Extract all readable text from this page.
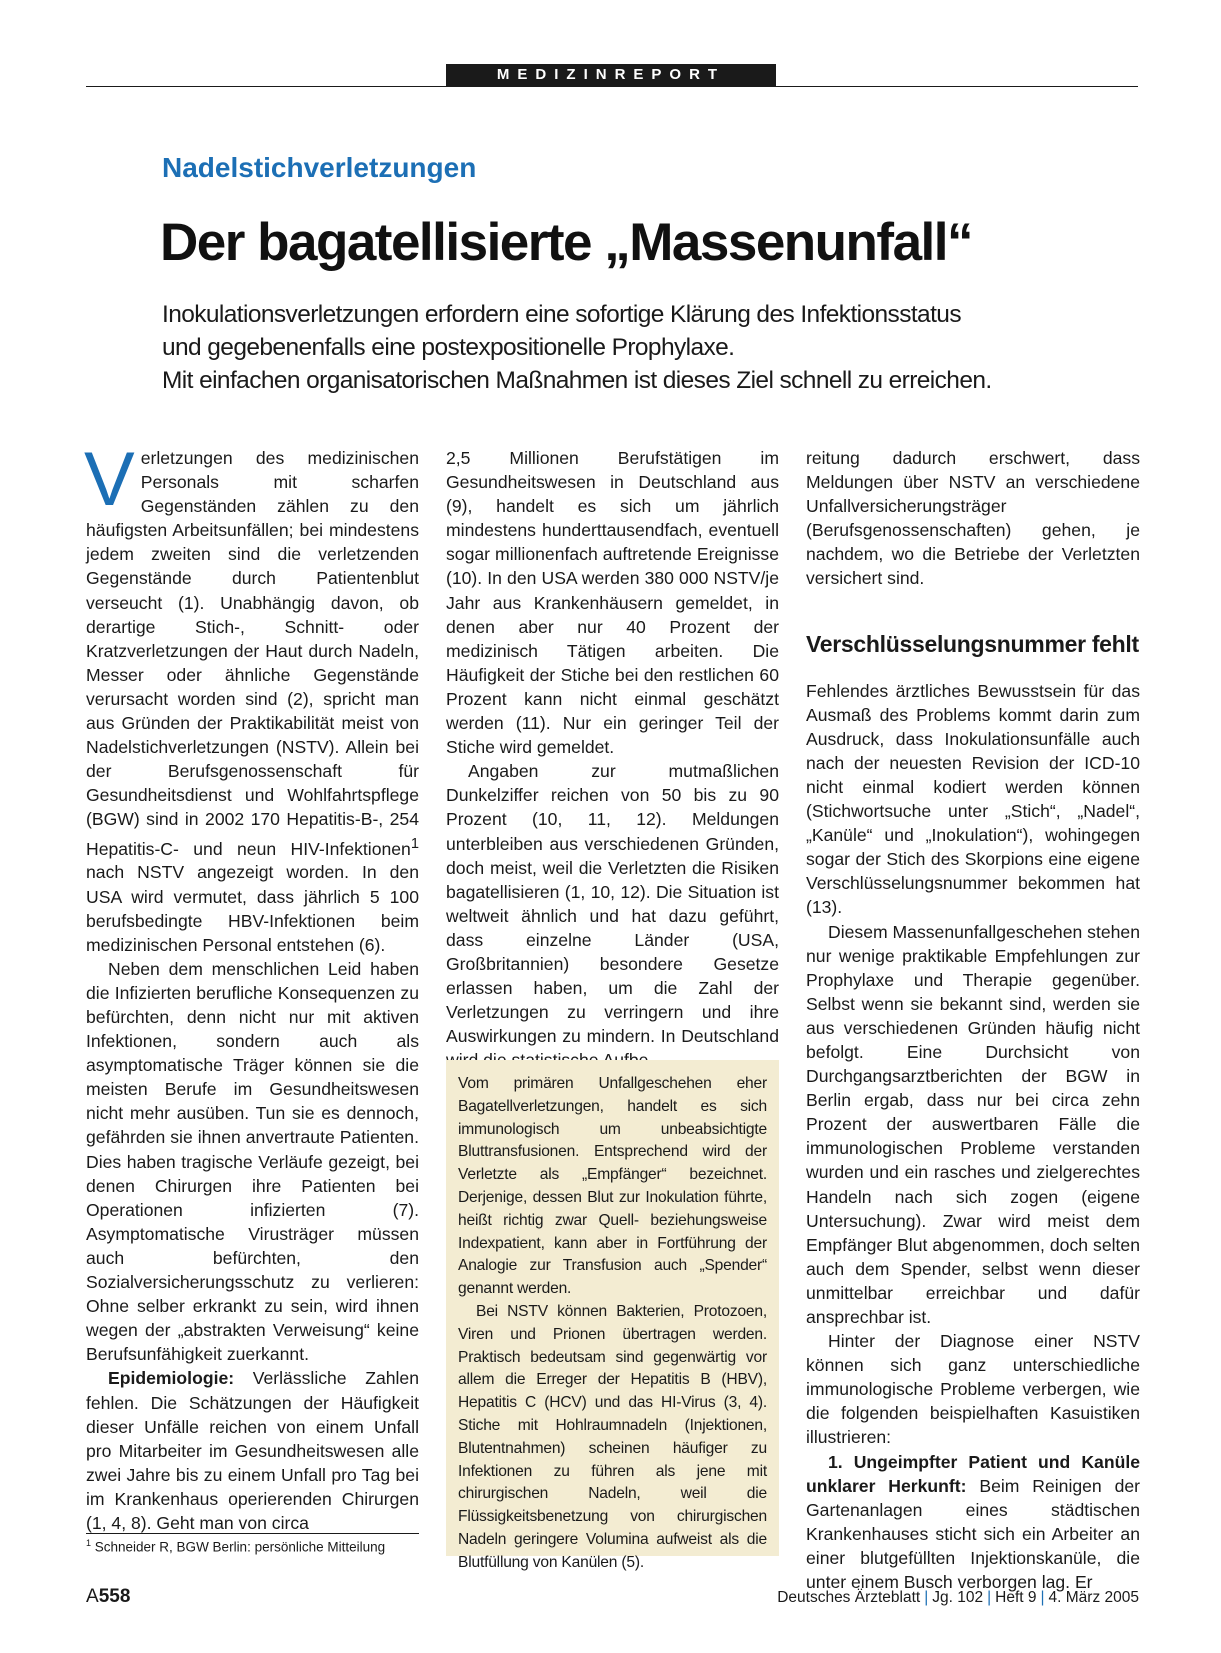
MEDIZINREPORT
Nadelstichverletzungen
Der bagatellisierte „Massenunfall“
Inokulationsverletzungen erfordern eine sofortige Klärung des Infektionsstatus
und gegebenenfalls eine postexpositionelle Prophylaxe.
Mit einfachen organisatorischen Maßnahmen ist dieses Ziel schnell zu erreichen.

Verletzungen des medizinischen Personals mit scharfen Gegenständen zählen zu den häufigsten Arbeitsunfällen; bei mindestens jedem zweiten sind die verletzenden Gegenstände durch Patientenblut verseucht (1). Unabhängig davon, ob derartige Stich-, Schnitt- oder Kratzverletzungen der Haut durch Nadeln, Messer oder ähnliche Gegenstände verursacht worden sind (2), spricht man aus Gründen der Praktikabilität meist von Nadelstichverletzungen (NSTV). Allein bei der Berufsgenossenschaft für Gesundheitsdienst und Wohlfahrtspflege (BGW) sind in 2002 170 Hepatitis-B-, 254 Hepatitis-C- und neun HIV-Infektionen$^1$ nach NSTV angezeigt worden. In den USA wird vermutet, dass jährlich 5 100 berufsbedingte HBV-Infektionen beim medizinischen Personal entstehen (6).

Neben dem menschlichen Leid haben die Infizierten berufliche Konsequenzen zu befürchten, denn nicht nur mit aktiven Infektionen, sondern auch als asymptomatische Träger können sie die meisten Berufe im Gesundheitswesen nicht mehr ausüben. Tun sie es dennoch, gefährden sie ihnen anvertraute Patienten. Dies haben tragische Verläufe gezeigt, bei denen Chirurgen ihre Patienten bei Operationen infizierten (7). Asymptomatische Virusträger müssen auch befürchten, den Sozialversicherungsschutz zu verlieren: Ohne selber erkrankt zu sein, wird ihnen wegen der „abstrakten Verweisung“ keine Berufsunfähigkeit zuerkannt.

Epidemiologie: Verlässliche Zahlen fehlen. Die Schätzungen der Häufigkeit dieser Unfälle reichen von einem Unfall pro Mitarbeiter im Gesundheitswesen alle zwei Jahre bis zu einem Unfall pro Tag bei im Krankenhaus operierenden Chirurgen (1, 4, 8). Geht man von circa

2,5 Millionen Berufstätigen im Gesundheitswesen in Deutschland aus (9), handelt es sich um jährlich mindestens hunderttausendfach, eventuell sogar millionenfach auftretende Ereignisse (10). In den USA werden 380 000 NSTV/je Jahr aus Krankenhäusern gemeldet, in denen aber nur 40 Prozent der medizinisch Tätigen arbeiten. Die Häufigkeit der Stiche bei den restlichen 60 Prozent kann nicht einmal geschätzt werden (11). Nur ein geringer Teil der Stiche wird gemeldet.

Angaben zur mutmaßlichen Dunkelziffer reichen von 50 bis zu 90 Prozent (10, 11, 12). Meldungen unterbleiben aus verschiedenen Gründen, doch meist, weil die Verletzten die Risiken bagatellisieren (1, 10, 12). Die Situation ist weltweit ähnlich und hat dazu geführt, dass einzelne Länder (USA, Großbritannien) besondere Gesetze erlassen haben, um die Zahl der Verletzungen zu verringern und ihre Auswirkungen zu mindern. In Deutschland

Vom primären Unfallgeschehen eher Bagatellverletzungen, handelt es sich immunologisch um unbeabsichtigte Bluttransfusionen. Entsprechend wird der Verletzte als „Empfänger“ bezeichnet. Derjenige, dessen Blut zur Inokulation führte, heißt richtig zwar Quell- beziehungsweise Indexpatient, kann aber in Fortführung der Analogie zur Transfusion auch „Spender“ genannt werden.

Bei NSTV können Bakterien, Protozoen, Viren und Prionen übertragen werden. Praktisch bedeutsam sind gegenwärtig vor allem die Erreger der Hepatitis B (HBV), Hepatitis C (HCV) und das HI-Virus (3, 4). Stiche mit Hohlraumnadeln (Injektionen, Blutentnahmen) scheinen häufiger zu Infektionen zu führen als jene mit chirurgischen Nadeln, weil die Flüssigkeitsbenetzung von chirurgischen Nadeln geringere Volumina aufweist als die Blutfüllung von Kanülen (5).

reitung dadurch erschwert, dass Meldungen über NSTV an verschiedene Unfallversicherungsträger (Berufsgenossenschaften) gehen, je nachdem, wo die Betriebe der Verletzten versichert sind.

Verschlüsselungsnummer fehlt

Fehlendes ärztliches Bewusstsein für das Ausmaß des Problems kommt darin zum Ausdruck, dass Inokulationsunfälle auch nach der neuesten Revision der ICD-10 nicht einmal kodiert werden können (Stichwortsuche unter „Stich“, „Nadel“, „Kanüle“ und „Inokulation“), wohingegen sogar der Stich des Skorpions eine eigene Verschlüsselungsnummer bekommen hat (13).

Diesem Massenunfallgeschehen stehen nur wenige praktikable Empfehlungen zur Prophylaxe und Therapie gegenüber. Selbst wenn sie bekannt sind, werden sie aus verschiedenen Gründen häufig nicht befolgt. Eine Durchsicht von Durchgangsarztberichten der BGW in Berlin ergab, dass nur bei circa zehn Prozent der auswertbaren Fälle die immunologischen Probleme verstanden wurden und ein rasches und zielgerechtes Handeln nach sich zogen (eigene Untersuchung). Zwar wird meist dem Empfänger Blut abgenommen, doch selten auch dem Spender, selbst wenn dieser unmittelbar erreichbar und dafür ansprechbar ist.

Hinter der Diagnose einer NSTV können sich ganz unterschiedliche immunologische Probleme verbergen, wie die folgenden beispielhaften Kasuistiken illustrieren:

1. Ungeimpfter Patient und Kanüle unklarer Herkunft: Beim Reinigen der Gartenanlagen eines städtischen Krankenhauses sticht sich ein Arbeiter an einer blutgefüllten Injektionskanüle, die unter einem Busch verborgen lag. Er

$^1$ Schneider R, BGW Berlin: persönliche Mitteilung
A558	Deutsches Ärzteblatt | Jg. 102 | Heft 9 | 4. März 2005
